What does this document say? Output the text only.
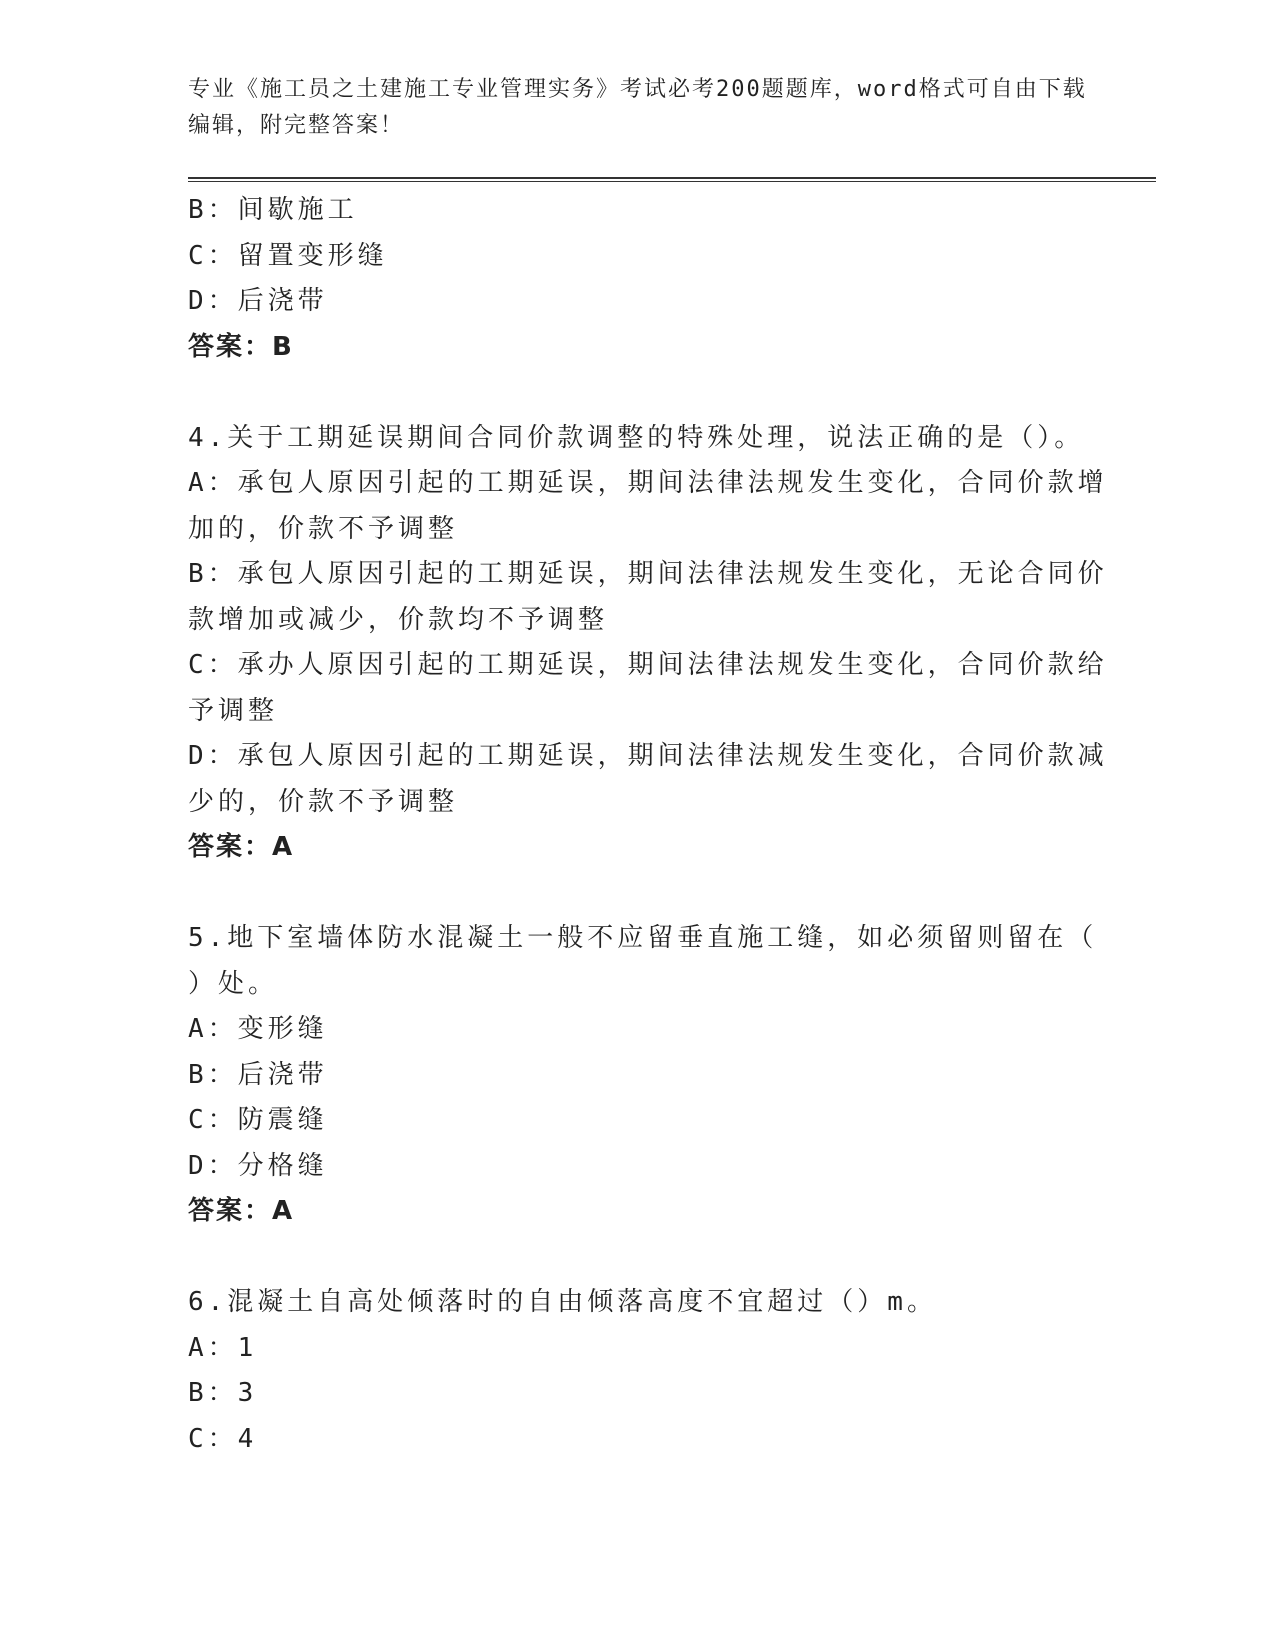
专业《施工员之土建施工专业管理实务》考试必考200题题库，word格式可自由下载编辑，附完整答案！
B：间歇施工
C：留置变形缝
D：后浇带
答案：B
4.关于工期延误期间合同价款调整的特殊处理，说法正确的是（）。
A：承包人原因引起的工期延误，期间法律法规发生变化，合同价款增
加的，价款不予调整
B：承包人原因引起的工期延误，期间法律法规发生变化，无论合同价
款增加或减少，价款均不予调整
C：承办人原因引起的工期延误，期间法律法规发生变化，合同价款给
予调整
D：承包人原因引起的工期延误，期间法律法规发生变化，合同价款减
少的，价款不予调整
答案：A
5.地下室墙体防水混凝土一般不应留垂直施工缝，如必须留则留在（
）处。
A：变形缝
B：后浇带
C：防震缝
D：分格缝
答案：A
6.混凝土自高处倾落时的自由倾落高度不宜超过（）m。
A：1
B：3
C：4
